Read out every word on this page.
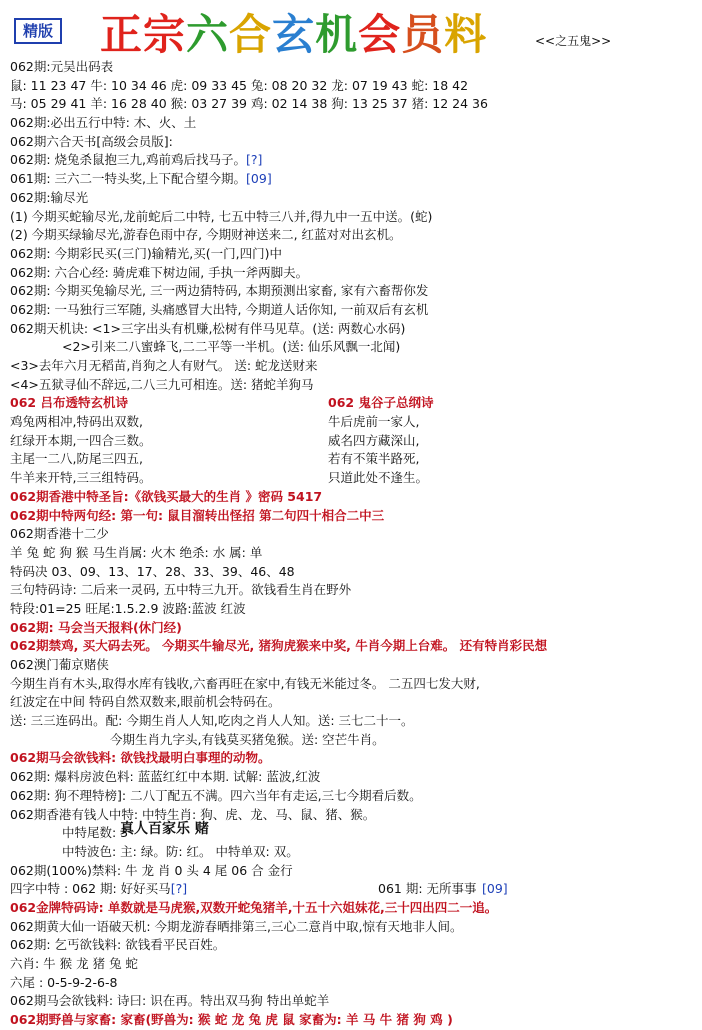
精版 正宗六合玄机会员料	<<之五鬼>>
062期:元吴出码表
鼠: 11 23 47 牛: 10 34 46 虎: 09 33 45 兔: 08 20 32 龙: 07 19 43 蛇: 18 42
马: 05 29 41 羊: 16 28 40 猴: 03 27 39 鸡: 02 14 38 狗: 13 25 37 猪: 12 24 36
062期:必出五行中特: 木、火、土
062期六合天书[高级会员版]:
062期: 烧兔杀鼠抱三九,鸡前鸡后找马子。[?]
061期: 三六二一特头奖,上下配合望今期。[09]
062期:输尽光
(1) 今期买蛇输尽光,龙前蛇后二中特, 七五中特三八并,得九中一五中送。(蛇)
(2) 今期买绿输尽光,游春色雨中存, 今期财神送来二, 红蓝对对出玄机。
062期: 今期彩民买(三门)输精光,买(一门,四门)中
062期: 六合心经: 骑虎难下树边闹, 手执一斧两脚夫。
062期: 今期买兔输尽光, 三一两边猜特码, 本期预测出家畜, 家有六畜帮你发
062期: 一马独行三军随, 头痛感冒大出特, 今期道人话你知, 一前双后有玄机
062期天机诀: <1>三字出头有机赚,松树有伴马见草。(送: 两数心水码)
<2>引来二八蜜蜂飞,二二平等一半机。(送: 仙乐风飘一北闻)
<3>去年六月无稻苗,肖狗之人有财气。 送: 蛇龙送财来
<4>五狱寻仙不辞远,二八三九可相连。送: 猪蛇羊狗马
062 吕布透特玄机诗	062 鬼谷子总纲诗
鸡兔两相冲,特码出双数,	牛后虎前一家人,
红绿开本期,一四合三数。	威名四方藏深山,
主尾一二八,防尾三四五,	若有不策半路死,
牛羊来开特,三三组特码。	只道此处不逢生。
062期香港中特圣旨:《欲钱买最大的生肖 》密码 5417
062期中特两句经: 第一句: 鼠目溜转出怪招 第二句四十相合二中三
062期香港十二少
羊 兔 蛇 狗 猴 马生肖属: 火木 绝杀: 水 属: 单
特码决 03、09、13、17、28、33、39、46、48
三句特码诗: 二后来一灵码, 五中特三九开。欲钱看生肖在野外
特段:01=25 旺尾:1.5.2.9 波路:蓝波 红波
062期: 马会当天报料(休门经)
062期禁鸡, 买大码去死。 今期买牛输尽光, 猪狗虎猴来中奖, 牛肖今期上台难。 还有特肖彩民想
062澳门葡京赌侠
今期生肖有木头,取得水库有钱收,六畜再旺在家中,有钱无米能过冬。 二五四七发大财,
红波定在中间 特码自然双数来,眼前机会特码在。
送: 三三连码出。配: 今期生肖人人知,吃肉之肖人人知。送: 三七二十一。
今期生肖九字头,有钱莫买猪兔猴。送: 空芒牛肖。
062期马会欲钱料: 欲钱找最明白事理的动物。
062期: 爆料房波色料: 蓝蓝红红中本期. 试解: 蓝波,红波
062期: 狗不理特榜]: 二八丁配五不满。四六当年有走运,三七今期看后数。
062期香港有钱人中特: 中特生肖: 狗、虎、龙、马、鼠、猪、猴。
中特尾数: 3
真人百家乐 赌
中特波色: 主: 绿。防: 红。 中特单双: 双。
062期(100%)禁料: 牛 龙 肖 0 头 4 尾 06 合 金行
四字中特 : 062 期: 好好买马[?]	061 期: 无所事事 [09]
062金牌特码诗: 单数就是马虎猴,双数开蛇兔猪羊,十五十六姐妹花,三十四出四二一追。
062期黄大仙一语破天机: 今期龙游春晒排第三,三心二意肖中取,惊有天地非人间。
062期: 乞丐欲钱料: 欲钱看平民百姓。
六肖: 牛 猴 龙 猪 兔 蛇
六尾 : 0-5-9-2-6-8
062期马会欲钱料: 诗曰: 识在再。特出双马狗 特出单蛇羊
062期野兽与家畜: 家畜(野兽为: 猴 蛇 龙 兔 虎 鼠 家畜为: 羊 马 牛 猪 狗 鸡 )
